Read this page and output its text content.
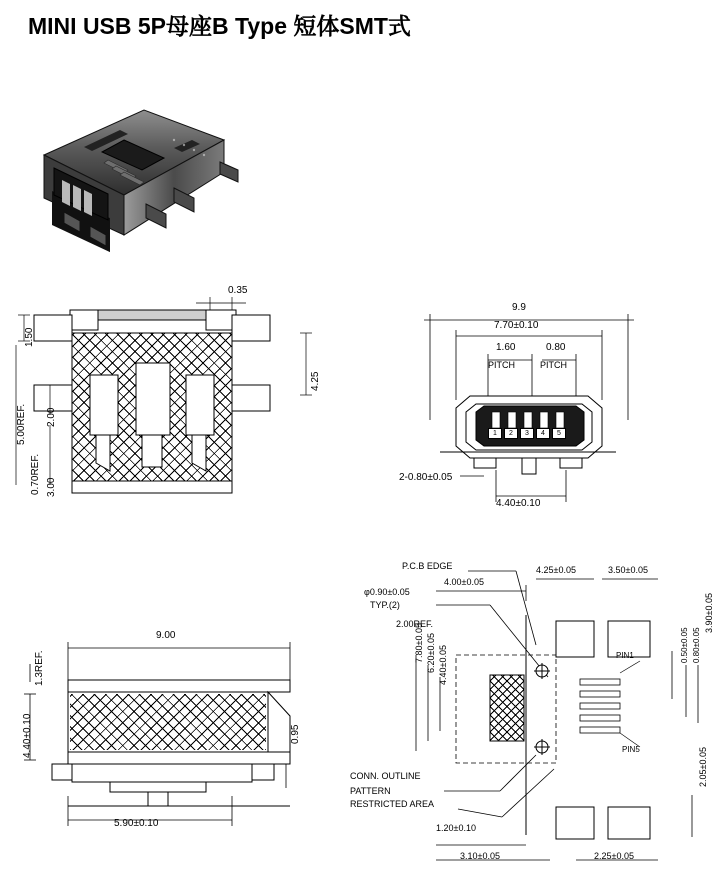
MINI USB 5P母座B Type 短体SMT式
0.35
1.50
4.25
2.00
3.00
0.70REF.
5.00REF.
9.9
7.70±0.10
1.60	0.80
PITCH	PITCH
2-0.80±0.05
4.40±0.10
1	2	3	4	5
9.00
1.3REF.
4.40±0.10	0.95
5.90±0.10
P.C.B EDGE
φ0.90±0.05
TYP.(2)
2.00REF.
4.00±0.05
4.25±0.05	3.50±0.05
3.90±0.05
PIN1
PIN5
7.80±0.05 6.20±0.05 4.40±0.05	0.50±0.05 0.80±0.05
CONN. OUTLINE
PATTERN
RESTRICTED AREA
1.20±0.10
2.05±0.05
3.10±0.05	2.25±0.05
